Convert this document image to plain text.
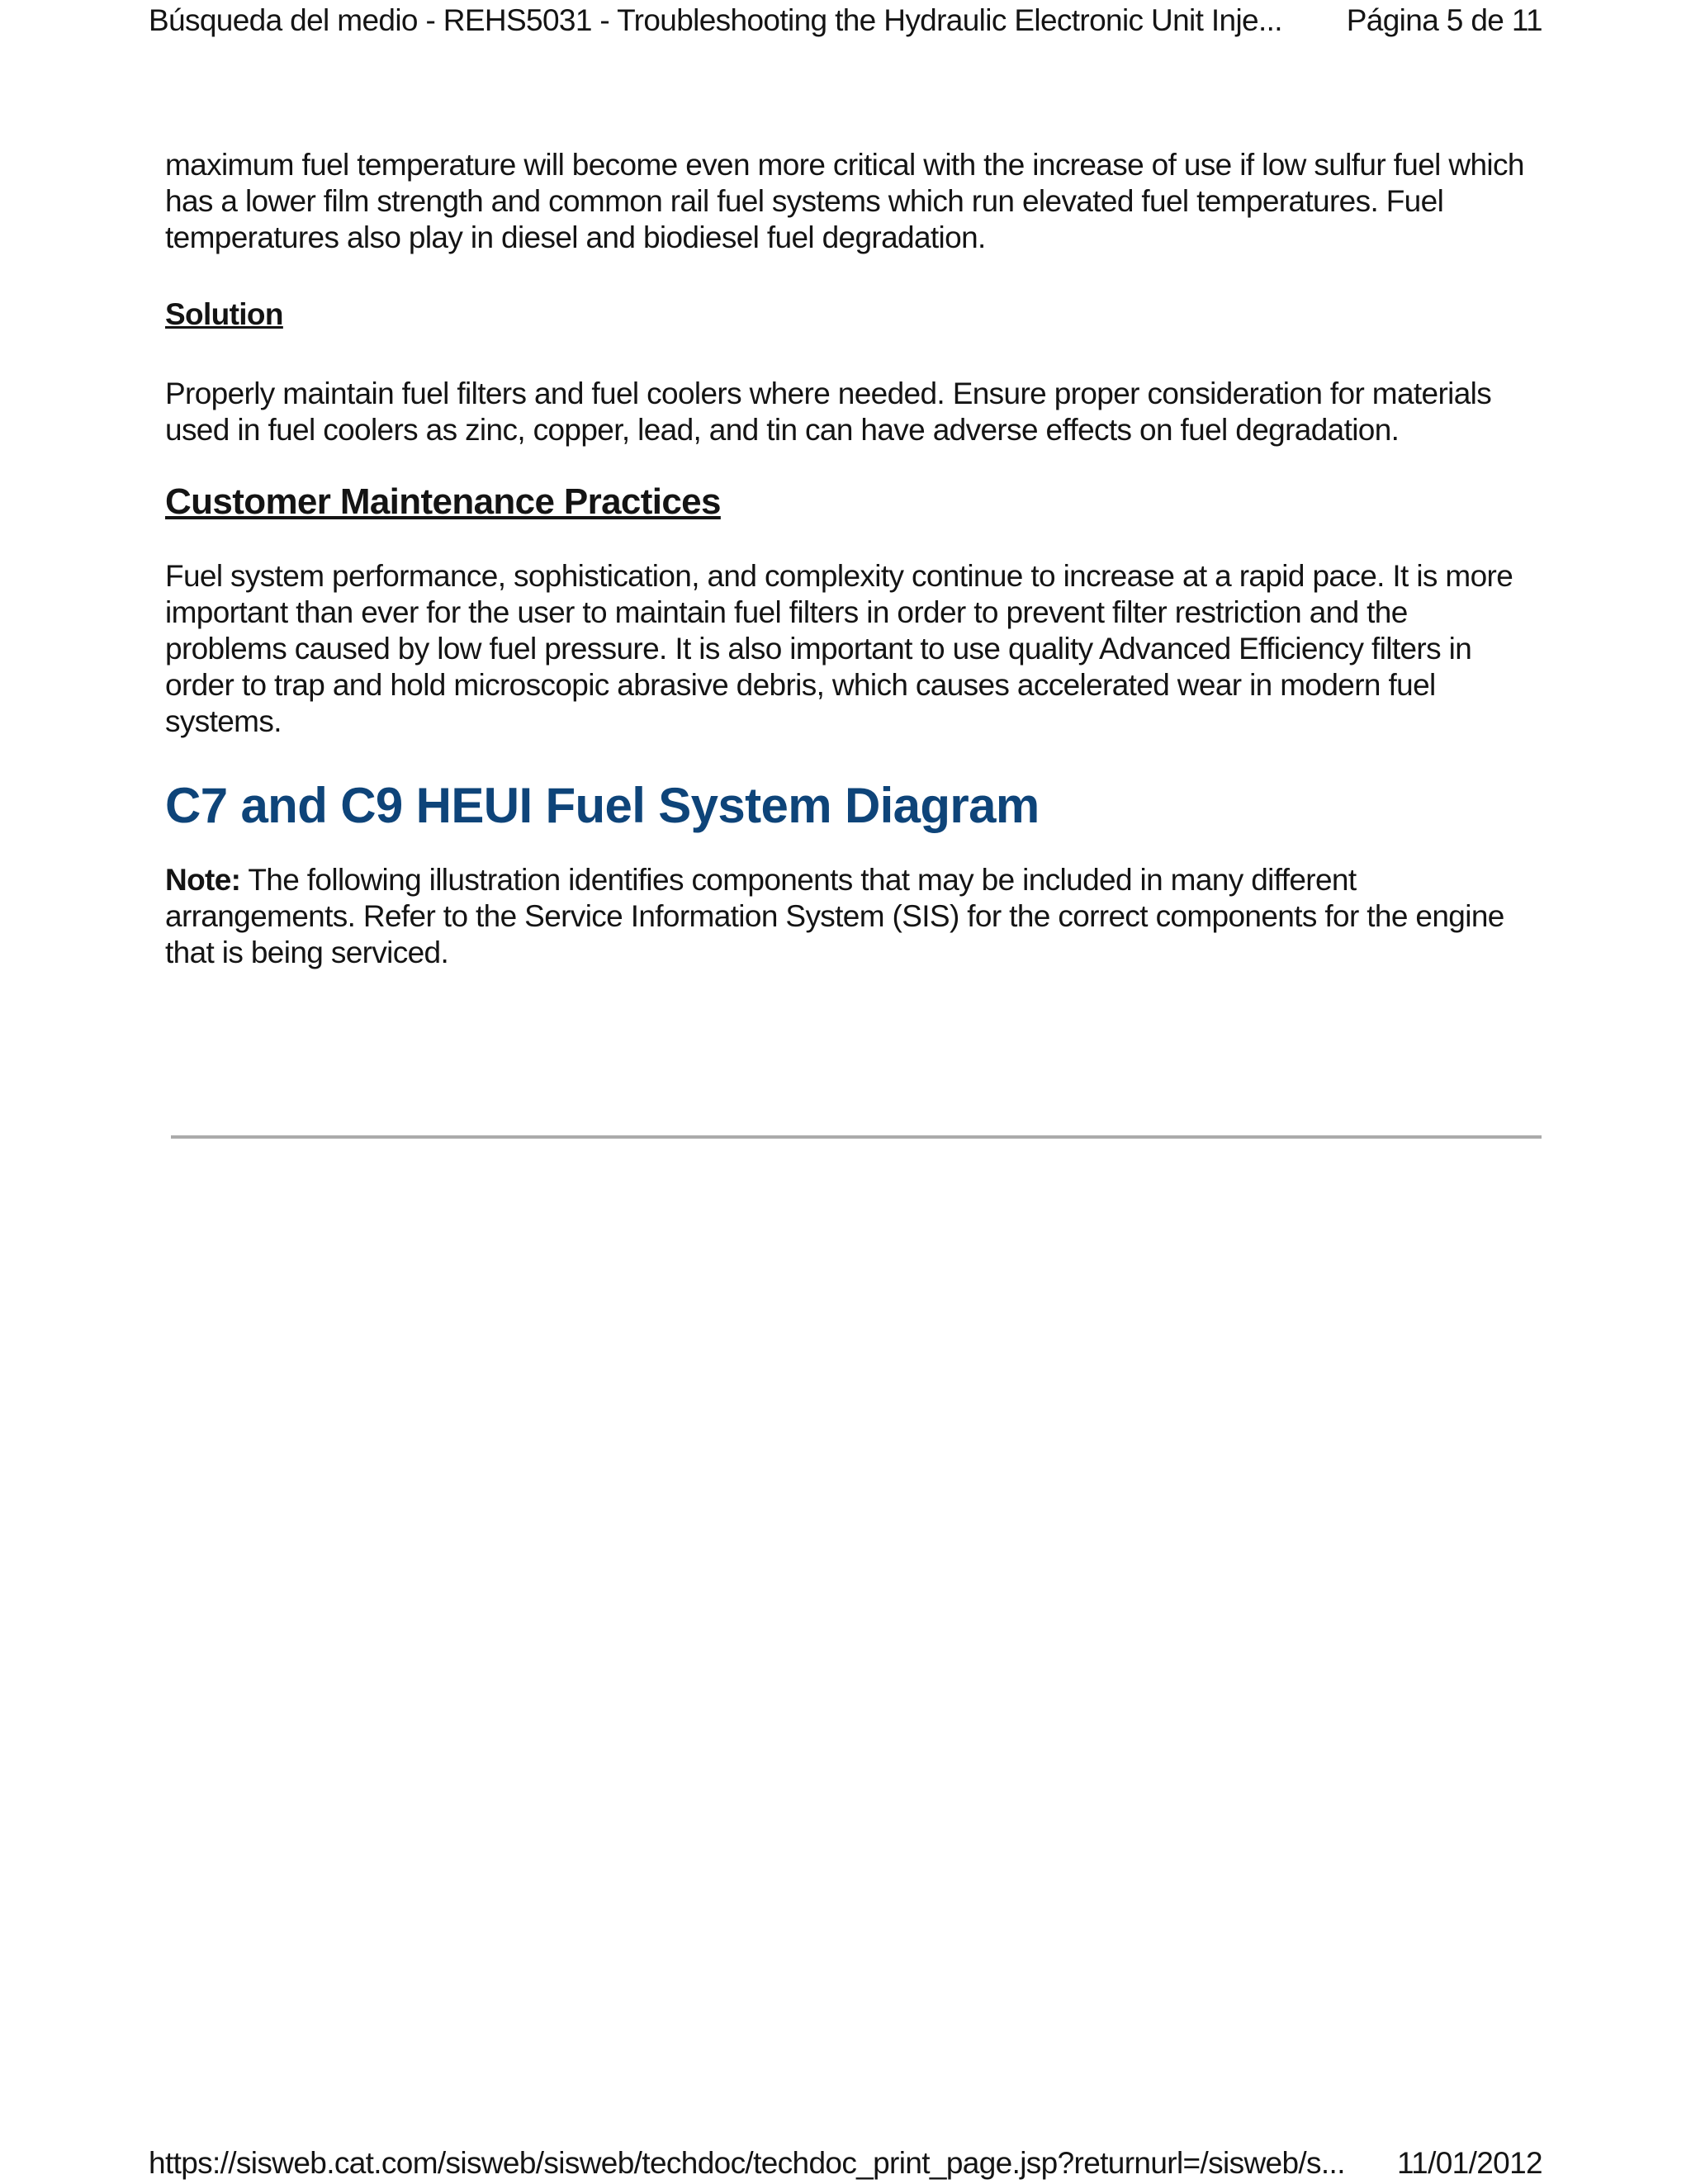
Búsqueda del medio - REHS5031 - Troubleshooting the Hydraulic Electronic Unit Inje... Página 5 de 11

maximum fuel temperature will become even more critical with the increase of use if low sulfur fuel which has a lower film strength and common rail fuel systems which run elevated fuel temperatures. Fuel temperatures also play in diesel and biodiesel fuel degradation.

Solution

Properly maintain fuel filters and fuel coolers where needed. Ensure proper consideration for materials used in fuel coolers as zinc, copper, lead, and tin can have adverse effects on fuel degradation.

Customer Maintenance Practices

Fuel system performance, sophistication, and complexity continue to increase at a rapid pace. It is more important than ever for the user to maintain fuel filters in order to prevent filter restriction and the problems caused by low fuel pressure. It is also important to use quality Advanced Efficiency filters in order to trap and hold microscopic abrasive debris, which causes accelerated wear in modern fuel systems.

C7 and C9 HEUI Fuel System Diagram

Note: The following illustration identifies components that may be included in many different arrangements. Refer to the Service Information System (SIS) for the correct components for the engine that is being serviced.

https://sisweb.cat.com/sisweb/sisweb/techdoc/techdoc_print_page.jsp?returnurl=/sisweb/s... 11/01/2012
